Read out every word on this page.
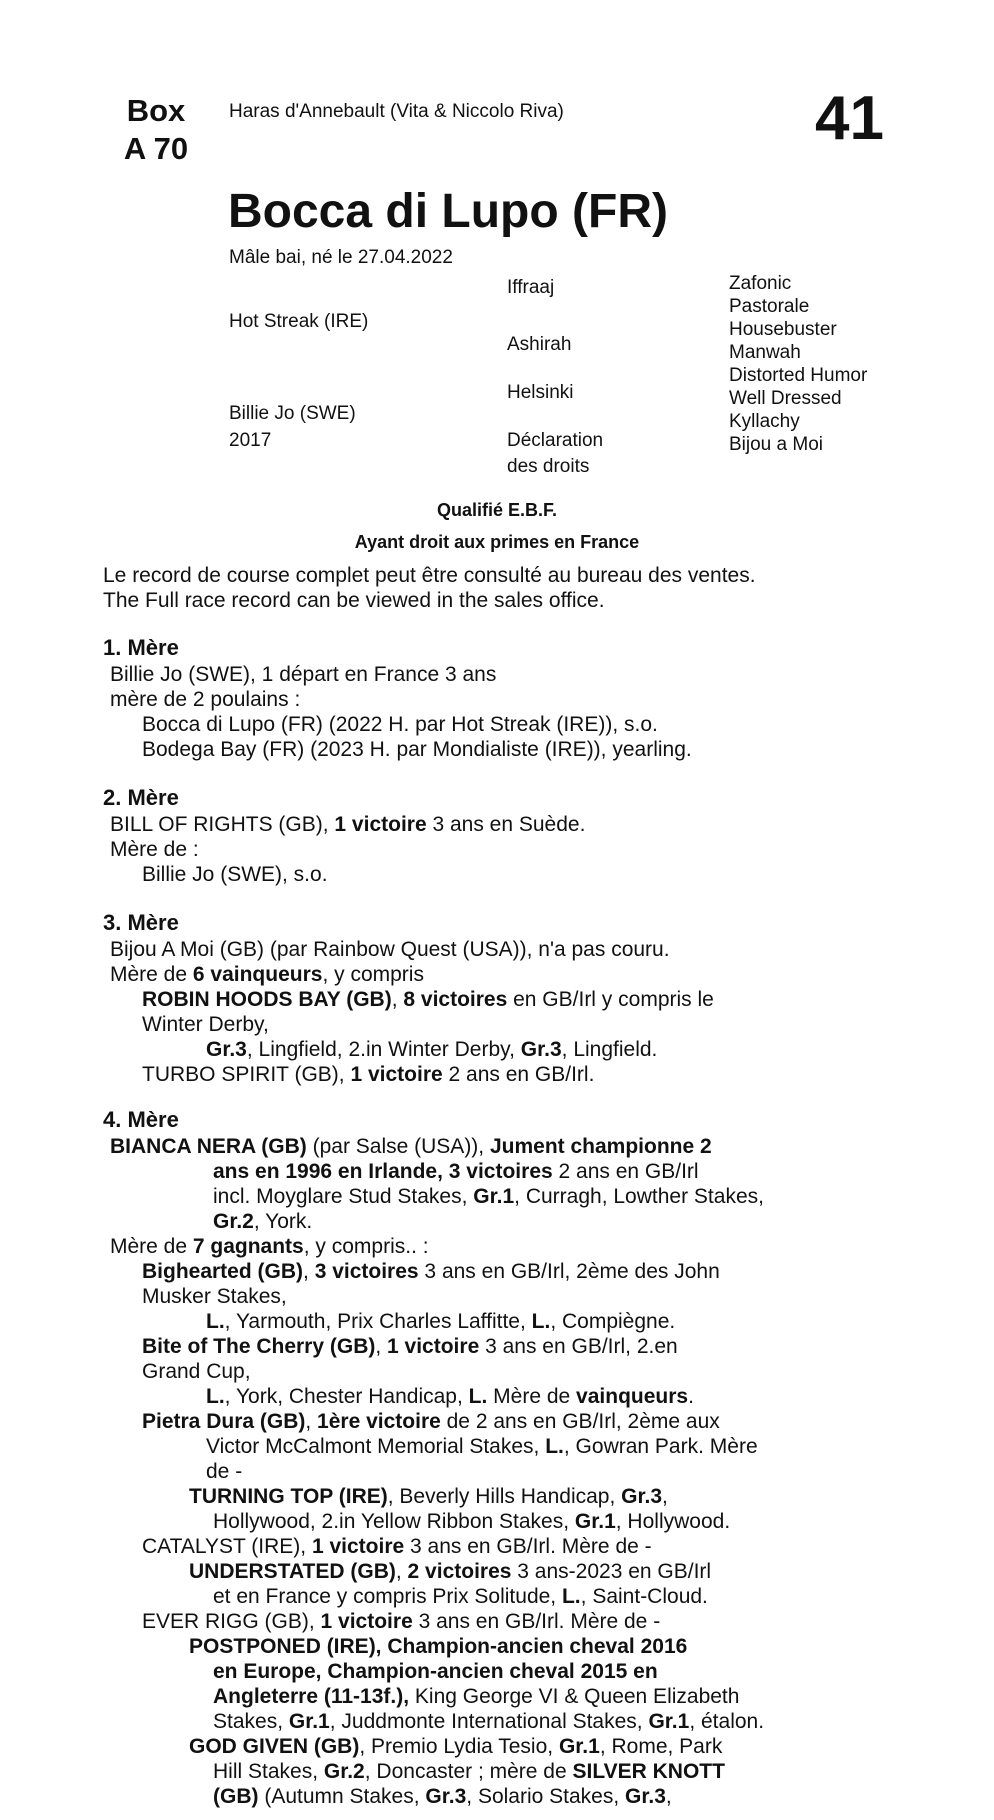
Box
A 70
Haras d'Annebault (Vita & Niccolo Riva)	41
Bocca di Lupo (FR)
Mâle bai, né le 27.04.2022
Hot Streak (IRE)
Billie Jo (SWE)
2017
Iffraaj
Ashirah
Helsinki
Déclaration
des droits
Zafonic
Pastorale
Housebuster
Manwah
Distorted Humor
Well Dressed
Kyllachy
Bijou a Moi
Qualifié E.B.F.
Ayant droit aux primes en France
Le record de course complet peut être consulté au bureau des ventes.
The Full race record can be viewed in the sales office.
1. Mère
Billie Jo (SWE), 1 départ en France 3 ans
mère de 2 poulains :
Bocca di Lupo (FR) (2022 H. par Hot Streak (IRE)), s.o.
Bodega Bay (FR) (2023 H. par Mondialiste (IRE)), yearling.
2. Mère
BILL OF RIGHTS (GB), 1 victoire 3 ans en Suède.
Mère de :
Billie Jo (SWE), s.o.
3. Mère
Bijou A Moi (GB) (par Rainbow Quest (USA)), n'a pas couru.
Mère de 6 vainqueurs, y compris
ROBIN HOODS BAY (GB), 8 victoires en GB/Irl y compris le
Winter Derby,
Gr.3, Lingfield, 2.in Winter Derby, Gr.3, Lingfield.
TURBO SPIRIT (GB), 1 victoire 2 ans en GB/Irl.
4. Mère
BIANCA NERA (GB) (par Salse (USA)), Jument championne 2
ans en 1996 en Irlande, 3 victoires 2 ans en GB/Irl
incl. Moyglare Stud Stakes, Gr.1, Curragh, Lowther Stakes,
Gr.2, York.
Mère de 7 gagnants, y compris.. :
Bighearted (GB), 3 victoires 3 ans en GB/Irl, 2ème des John
Musker Stakes,
L., Yarmouth, Prix Charles Laffitte, L., Compiègne.
Bite of The Cherry (GB), 1 victoire 3 ans en GB/Irl, 2.en
Grand Cup,
L., York, Chester Handicap, L. Mère de vainqueurs.
Pietra Dura (GB), 1ère victoire de 2 ans en GB/Irl, 2ème aux
Victor McCalmont Memorial Stakes, L., Gowran Park. Mère
de -
TURNING TOP (IRE), Beverly Hills Handicap, Gr.3,
Hollywood, 2.in Yellow Ribbon Stakes, Gr.1, Hollywood.
CATALYST (IRE), 1 victoire 3 ans en GB/Irl. Mère de -
UNDERSTATED (GB), 2 victoires 3 ans-2023 en GB/Irl
et en France y compris Prix Solitude, L., Saint-Cloud.
EVER RIGG (GB), 1 victoire 3 ans en GB/Irl. Mère de -
POSTPONED (IRE), Champion-ancien cheval 2016
en Europe, Champion-ancien cheval 2015 en
Angleterre (11-13f.), King George VI & Queen Elizabeth
Stakes, Gr.1, Juddmonte International Stakes, Gr.1, étalon.
GOD GIVEN (GB), Premio Lydia Tesio, Gr.1, Rome, Park
Hill Stakes, Gr.2, Doncaster ; mère de SILVER KNOTT
(GB) (Autumn Stakes, Gr.3, Solario Stakes, Gr.3,
